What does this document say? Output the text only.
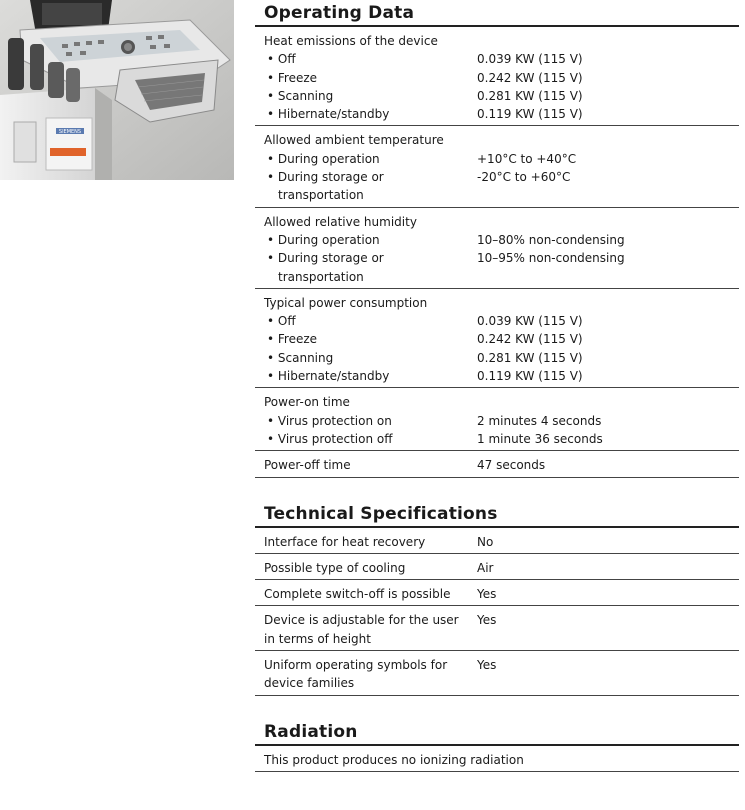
SIEMENS
Operating Data
Heat emissions of the device
• Off	0.039 KW (115 V)
• Freeze	0.242 KW (115 V)
• Scanning	0.281 KW (115 V)
• Hibernate/standby	0.119 KW (115 V)
Allowed ambient temperature
• During operation	+10°C to +40°C
• During storage or	-20°C to +60°C
transportation
Allowed relative humidity
• During operation	10–80% non-condensing
• During storage or	10–95% non-condensing
transportation
Typical power consumption
• Off	0.039 KW (115 V)
• Freeze	0.242 KW (115 V)
• Scanning	0.281 KW (115 V)
• Hibernate/standby	0.119 KW (115 V)
Power-on time
• Virus protection on	2 minutes 4 seconds
• Virus protection off	1 minute 36 seconds
Power-off time	47 seconds
Technical Specifications
Interface for heat recovery	No
Possible type of cooling	Air
Complete switch-off is possible	Yes
Device is adjustable for the user	Yes
in terms of height
Uniform operating symbols for	Yes
device families
Radiation
This product produces no ionizing radiation
